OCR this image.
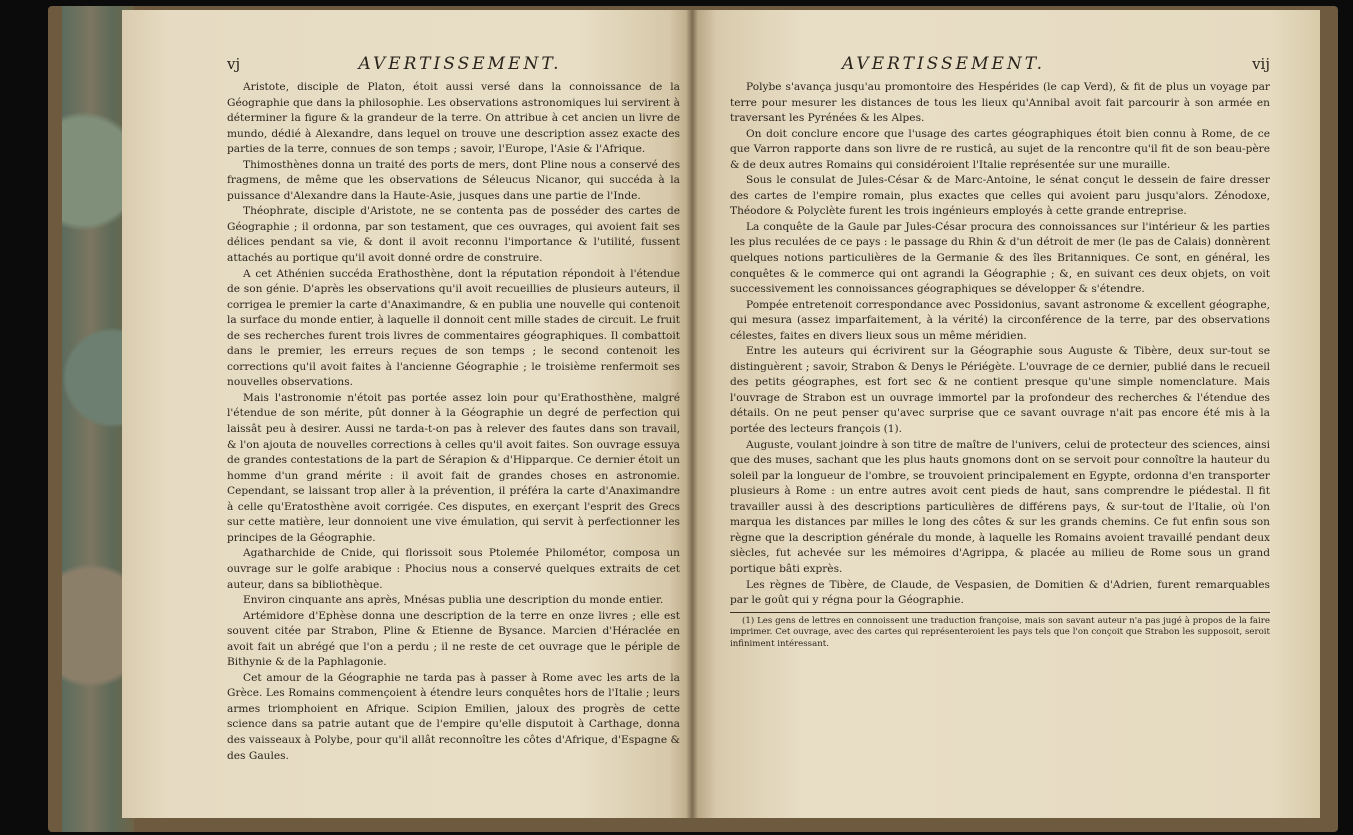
vj	AVERTISSEMENT.

Aristote, disciple de Platon, étoit aussi versé dans la connoissance de la Géographie que dans la philosophie. Les observations astronomiques lui servirent à déterminer la figure & la grandeur de la terre. On attribue à cet ancien un livre de mundo, dédié à Alexandre, dans lequel on trouve une description assez exacte des parties de la terre, connues de son temps ; savoir, l'Europe, l'Asie & l'Afrique.

Thimosthènes donna un traité des ports de mers, dont Pline nous a conservé des fragmens, de même que les observations de Séleucus Nicanor, qui succéda à la puissance d'Alexandre dans la Haute-Asie, jusques dans une partie de l'Inde.

Théophrate, disciple d'Aristote, ne se contenta pas de posséder des cartes de Géographie ; il ordonna, par son testament, que ces ouvrages, qui avoient fait ses délices pendant sa vie, & dont il avoit reconnu l'importance & l'utilité, fussent attachés au portique qu'il avoit donné ordre de construire.

A cet Athénien succéda Erathosthène, dont la réputation répondoit à l'étendue de son génie. D'après les observations qu'il avoit recueillies de plusieurs auteurs, il corrigea le premier la carte d'Anaximandre, & en publia une nouvelle qui contenoit la surface du monde entier, à laquelle il donnoit cent mille stades de circuit. Le fruit de ses recherches furent trois livres de commentaires géographiques. Il combattoit dans le premier, les erreurs reçues de son temps ; le second contenoit les corrections qu'il avoit faites à l'ancienne Géographie ; le troisième renfermoit ses nouvelles observations.

Mais l'astronomie n'étoit pas portée assez loin pour qu'Erathosthène, malgré l'étendue de son mérite, pût donner à la Géographie un degré de perfection qui laissât peu à desirer. Aussi ne tarda-t-on pas à relever des fautes dans son travail, & l'on ajouta de nouvelles corrections à celles qu'il avoit faites. Son ouvrage essuya de grandes contestations de la part de Sérapion & d'Hipparque. Ce dernier étoit un homme d'un grand mérite : il avoit fait de grandes choses en astronomie. Cependant, se laissant trop aller à la prévention, il préféra la carte d'Anaximandre à celle qu'Eratosthène avoit corrigée. Ces disputes, en exerçant l'esprit des Grecs sur cette matière, leur donnoient une vive émulation, qui servit à perfectionner les principes de la Géographie.

Agatharchide de Cnide, qui florissoit sous Ptolemée Philométor, composa un ouvrage sur le golfe arabique : Phocius nous a conservé quelques extraits de cet auteur, dans sa bibliothèque.

Environ cinquante ans après, Mnésas publia une description du monde entier.

Artémidore d'Ephèse donna une description de la terre en onze livres ; elle est souvent citée par Strabon, Pline & Etienne de Bysance. Marcien d'Héraclée en avoit fait un abrégé que l'on a perdu ; il ne reste de cet ouvrage que le périple de Bithynie & de la Paphlagonie.

Cet amour de la Géographie ne tarda pas à passer à Rome avec les arts de la Grèce. Les Romains commençoient à étendre leurs conquêtes hors de l'Italie ; leurs armes triomphoient en Afrique. Scipion Emilien, jaloux des progrès de cette science dans sa patrie autant que de l'empire qu'elle disputoit à Carthage, donna des vaisseaux à Polybe, pour qu'il allât reconnoître les côtes d'Afrique, d'Espagne & des Gaules.

AVERTISSEMENT.	vij

Polybe s'avança jusqu'au promontoire des Hespérides (le cap Verd), & fit de plus un voyage par terre pour mesurer les distances de tous les lieux qu'Annibal avoit fait parcourir à son armée en traversant les Pyrénées & les Alpes.

On doit conclure encore que l'usage des cartes géographiques étoit bien connu à Rome, de ce que Varron rapporte dans son livre de re rusticâ, au sujet de la rencontre qu'il fit de son beau-père & de deux autres Romains qui considéroient l'Italie représentée sur une muraille.

Sous le consulat de Jules-César & de Marc-Antoine, le sénat conçut le dessein de faire dresser des cartes de l'empire romain, plus exactes que celles qui avoient paru jusqu'alors. Zénodoxe, Théodore & Polyclète furent les trois ingénieurs employés à cette grande entreprise.

La conquête de la Gaule par Jules-César procura des connoissances sur l'intérieur & les parties les plus reculées de ce pays : le passage du Rhin & d'un détroit de mer (le pas de Calais) donnèrent quelques notions particulières de la Germanie & des îles Britanniques. Ce sont, en général, les conquêtes & le commerce qui ont agrandi la Géographie ; &, en suivant ces deux objets, on voit successivement les connoissances géographiques se développer & s'étendre.

Pompée entretenoit correspondance avec Possidonius, savant astronome & excellent géographe, qui mesura (assez imparfaitement, à la vérité) la circonférence de la terre, par des observations célestes, faites en divers lieux sous un même méridien.

Entre les auteurs qui écrivirent sur la Géographie sous Auguste & Tibère, deux sur-tout se distinguèrent ; savoir, Strabon & Denys le Périégète. L'ouvrage de ce dernier, publié dans le recueil des petits géographes, est fort sec & ne contient presque qu'une simple nomenclature. Mais l'ouvrage de Strabon est un ouvrage immortel par la profondeur des recherches & l'étendue des détails. On ne peut penser qu'avec surprise que ce savant ouvrage n'ait pas encore été mis à la portée des lecteurs françois (1).

Auguste, voulant joindre à son titre de maître de l'univers, celui de protecteur des sciences, ainsi que des muses, sachant que les plus hauts gnomons dont on se servoit pour connoître la hauteur du soleil par la longueur de l'ombre, se trouvoient principalement en Egypte, ordonna d'en transporter plusieurs à Rome : un entre autres avoit cent pieds de haut, sans comprendre le piédestal. Il fit travailler aussi à des descriptions particulières de différens pays, & sur-tout de l'Italie, où l'on marqua les distances par milles le long des côtes & sur les grands chemins. Ce fut enfin sous son règne que la description générale du monde, à laquelle les Romains avoient travaillé pendant deux siècles, fut achevée sur les mémoires d'Agrippa, & placée au milieu de Rome sous un grand portique bâti exprès.

Les règnes de Tibère, de Claude, de Vespasien, de Domitien & d'Adrien, furent remarquables par le goût qui y régna pour la Géographie.

(1) Les gens de lettres en connoissent une traduction françoise, mais son savant auteur n'a pas jugé à propos de la faire imprimer. Cet ouvrage, avec des cartes qui représenteroient les pays tels que l'on conçoit que Strabon les supposoit, seroit infiniment intéressant.
